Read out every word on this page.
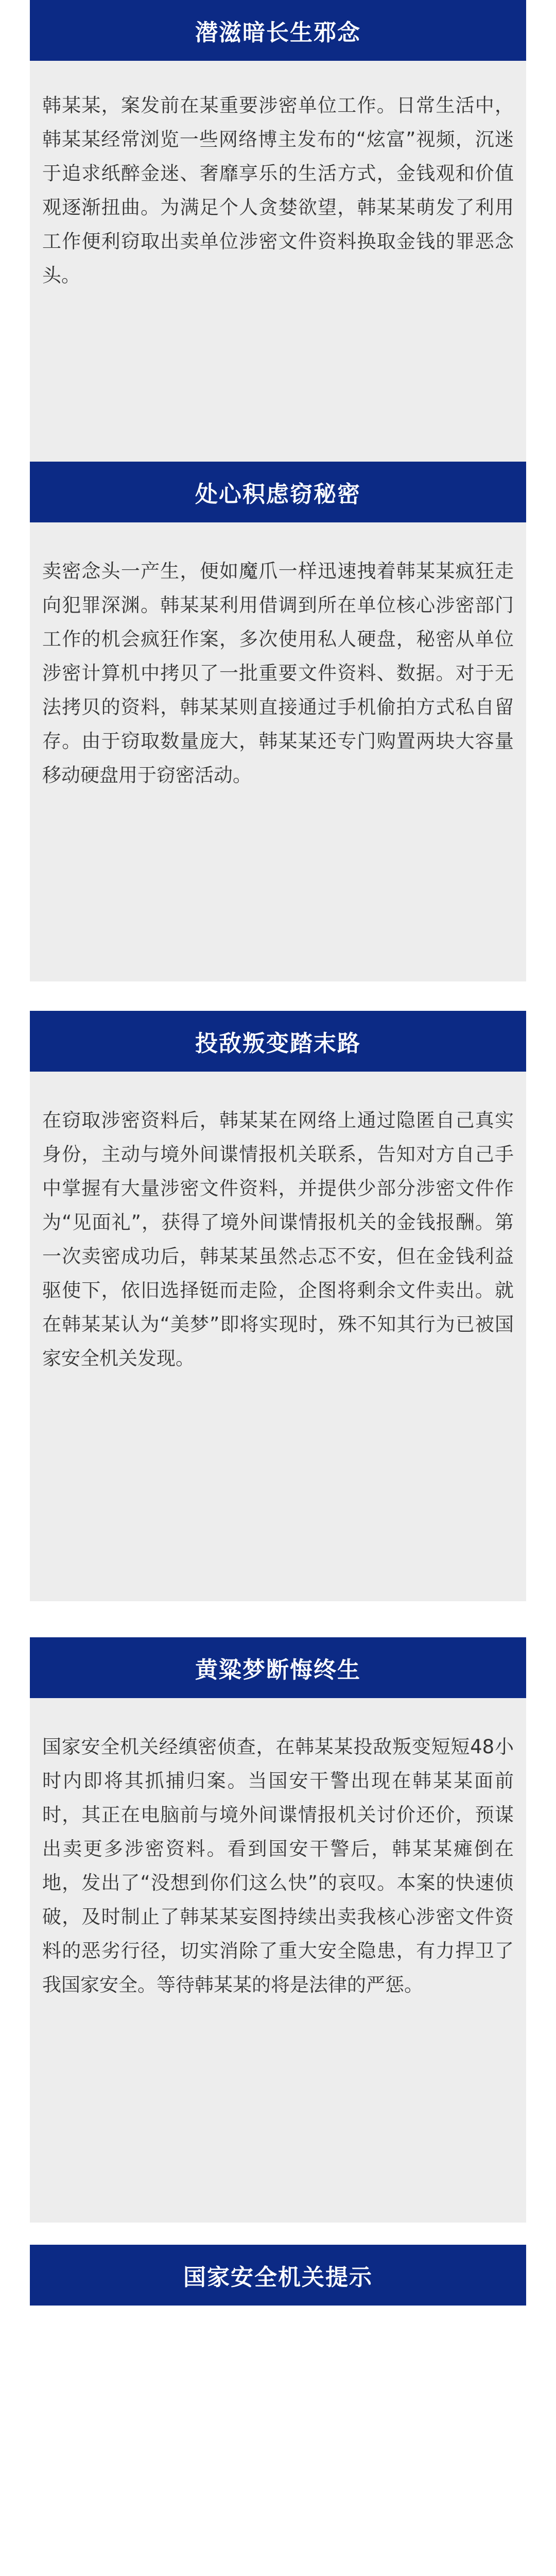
潜滋暗长生邪念

韩某某，案发前在某重要涉密单位工作。日常生活中，韩某某经常浏览一些网络博主发布的“炫富”视频，沉迷于追求纸醉金迷、奢靡享乐的生活方式，金钱观和价值观逐渐扭曲。为满足个人贪婪欲望，韩某某萌发了利用工作便利窃取出卖单位涉密文件资料换取金钱的罪恶念头。

处心积虑窃秘密

卖密念头一产生，便如魔爪一样迅速拽着韩某某疯狂走向犯罪深渊。韩某某利用借调到所在单位核心涉密部门工作的机会疯狂作案，多次使用私人硬盘，秘密从单位涉密计算机中拷贝了一批重要文件资料、数据。对于无法拷贝的资料，韩某某则直接通过手机偷拍方式私自留存。由于窃取数量庞大，韩某某还专门购置两块大容量移动硬盘用于窃密活动。

投敌叛变踏末路

在窃取涉密资料后，韩某某在网络上通过隐匿自己真实身份，主动与境外间谍情报机关联系，告知对方自己手中掌握有大量涉密文件资料，并提供少部分涉密文件作为“见面礼”，获得了境外间谍情报机关的金钱报酬。第一次卖密成功后，韩某某虽然忐忑不安，但在金钱利益驱使下，依旧选择铤而走险，企图将剩余文件卖出。就在韩某某认为“美梦”即将实现时，殊不知其行为已被国家安全机关发现。

黄粱梦断悔终生

国家安全机关经缜密侦查，在韩某某投敌叛变短短48小时内即将其抓捕归案。当国安干警出现在韩某某面前时，其正在电脑前与境外间谍情报机关讨价还价，预谋出卖更多涉密资料。看到国安干警后，韩某某瘫倒在地，发出了“没想到你们这么快”的哀叹。本案的快速侦破，及时制止了韩某某妄图持续出卖我核心涉密文件资料的恶劣行径，切实消除了重大安全隐患，有力捍卫了我国家安全。等待韩某某的将是法律的严惩。

国家安全机关提示
